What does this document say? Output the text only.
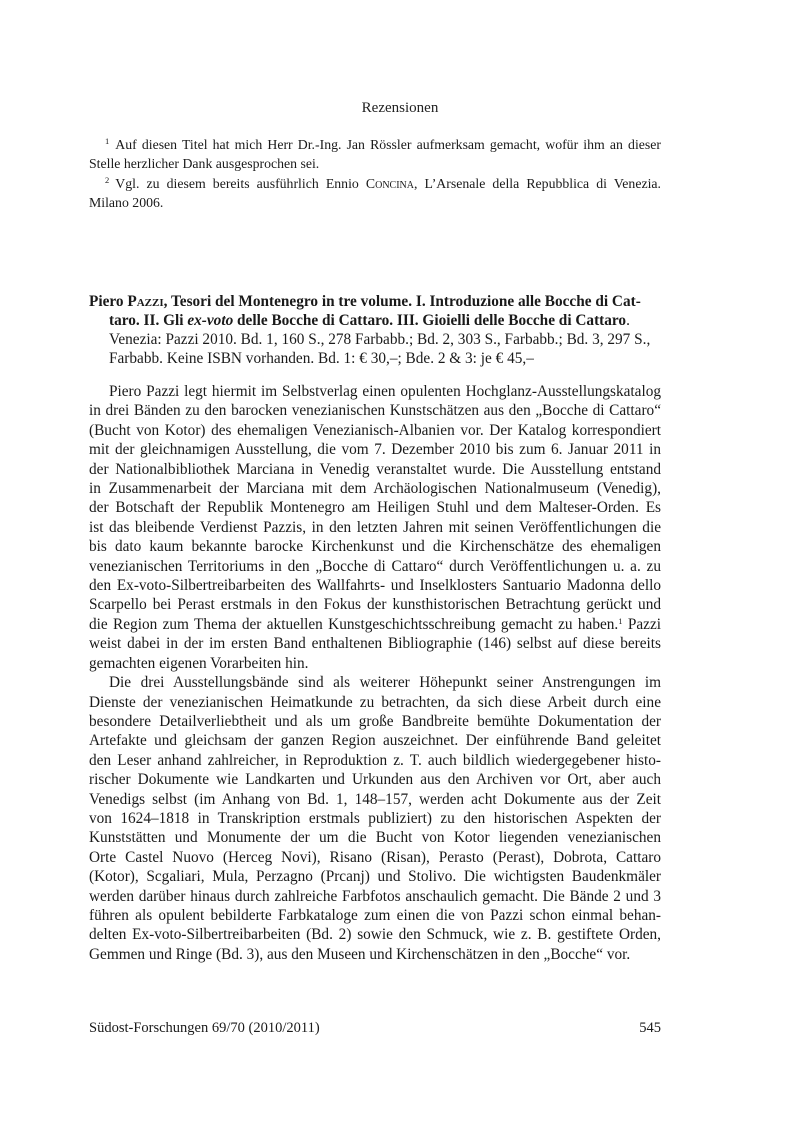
Rezensionen

$^1$ Auf diesen Titel hat mich Herr Dr.-Ing. Jan Rössler aufmerksam gemacht, wofür ihm an dieser Stelle herzlicher Dank ausgesprochen sei.

$^2$ Vgl. zu diesem bereits ausführlich Ennio Concina, L’Arsenale della Repubblica di Venezia. Milano 2006.

Piero Pazzi, Tesori del Montenegro in tre volume. I. Introduzione alle Bocche di Cat-
taro. II. Gli ex-voto delle Bocche di Cattaro. III. Gioielli delle Bocche di Cattaro.
Venezia: Pazzi 2010. Bd. 1, 160 S., 278 Farbabb.; Bd. 2, 303 S., Farbabb.; Bd. 3, 297 S.,
Farbabb. Keine ISBN vorhanden. Bd. 1: € 30,–; Bde. 2 & 3: je € 45,–
Piero Pazzi legt hiermit im Selbstverlag einen opulenten Hochglanz-Ausstellungskatalog
in drei Bänden zu den barocken venezianischen Kunstschätzen aus den „Bocche di Cattaro“
(Bucht von Kotor) des ehemaligen Venezianisch-Albanien vor. Der Katalog korrespondiert
mit der gleichnamigen Ausstellung, die vom 7. Dezember 2010 bis zum 6. Januar 2011 in
der Nationalbibliothek Marciana in Venedig veranstaltet wurde. Die Ausstellung entstand
in Zusammenarbeit der Marciana mit dem Archäologischen Nationalmuseum (Venedig),
der Botschaft der Republik Montenegro am Heiligen Stuhl und dem Malteser-Orden. Es
ist das bleibende Verdienst Pazzis, in den letzten Jahren mit seinen Veröffentlichungen die
bis dato kaum bekannte barocke Kirchenkunst und die Kirchenschätze des ehemaligen
venezianischen Territoriums in den „Bocche di Cattaro“ durch Veröffentlichungen u. a. zu
den Ex-voto-Silbertreibarbeiten des Wallfahrts- und Inselklosters Santuario Madonna dello
Scarpello bei Perast erstmals in den Fokus der kunsthistorischen Betrachtung gerückt und
die Region zum Thema der aktuellen Kunstgeschichtsschreibung gemacht zu haben.$^1$ Pazzi
weist dabei in der im ersten Band enthaltenen Bibliographie (146) selbst auf diese bereits
gemachten eigenen Vorarbeiten hin.
Die drei Ausstellungsbände sind als weiterer Höhepunkt seiner Anstrengungen im
Dienste der venezianischen Heimatkunde zu betrachten, da sich diese Arbeit durch eine
besondere Detailverliebtheit und als um große Bandbreite bemühte Dokumentation der
Artefakte und gleichsam der ganzen Region auszeichnet. Der einführende Band geleitet
den Leser anhand zahlreicher, in Reproduktion z. T. auch bildlich wiedergegebener histo-
rischer Dokumente wie Landkarten und Urkunden aus den Archiven vor Ort, aber auch
Venedigs selbst (im Anhang von Bd. 1, 148–157, werden acht Dokumente aus der Zeit
von 1624–1818 in Transkription erstmals publiziert) zu den historischen Aspekten der
Kunststätten und Monumente der um die Bucht von Kotor liegenden venezianischen
Orte Castel Nuovo (Herceg Novi), Risano (Risan), Perasto (Perast), Dobrota, Cattaro
(Kotor), Scgaliari, Mula, Perzagno (Prcanj) und Stolivo. Die wichtigsten Baudenkmäler
werden darüber hinaus durch zahlreiche Farbfotos anschaulich gemacht. Die Bände 2 und 3
führen als opulent bebilderte Farbkataloge zum einen die von Pazzi schon einmal behan-
delten Ex-voto-Silbertreibarbeiten (Bd. 2) sowie den Schmuck, wie z. B. gestiftete Orden,
Gemmen und Ringe (Bd. 3), aus den Museen und Kirchenschätzen in den „Bocche“ vor.
Südost-Forschungen 69/70 (2010/2011)	545
